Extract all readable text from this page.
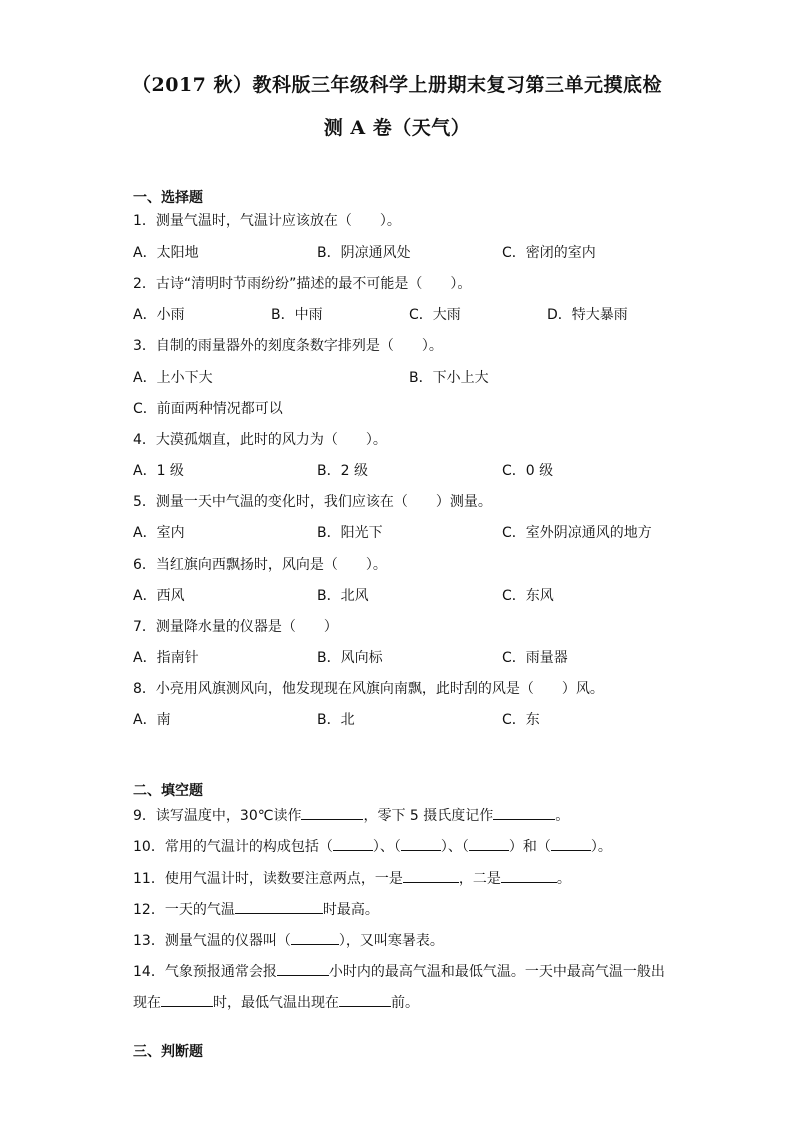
（2017 秋）教科版三年级科学上册期末复习第三单元摸底检
测 A 卷（天气）
一、选择题
1．测量气温时，气温计应该放在（　　）。
A．太阳地	B．阴凉通风处	C．密闭的室内
2．古诗“清明时节雨纷纷”描述的最不可能是（　　）。
A．小雨	B．中雨	C．大雨	D．特大暴雨
3．自制的雨量器外的刻度条数字排列是（　　）。
A．上小下大	B．下小上大
C．前面两种情况都可以
4．大漠孤烟直，此时的风力为（　　）。
A．1 级	B．2 级	C．0 级
5．测量一天中气温的变化时，我们应该在（　　）测量。
A．室内	B．阳光下	C．室外阴凉通风的地方
6．当红旗向西飘扬时，风向是（　　）。
A．西风	B．北风	C．东风
7．测量降水量的仪器是（　　）
A．指南针	B．风向标	C．雨量器
8．小亮用风旗测风向，他发现现在风旗向南飘，此时刮的风是（　　）风。
A．南	B．北	C．东
二、填空题
9．读写温度中，30℃读作	，零下 5 摄氏度记作	。
10．常用的气温计的构成包括（	）、（	）、（	）和（	）。
11．使用气温计时，读数要注意两点，一是	，二是	。
12．一天的气温	时最高。
13．测量气温的仪器叫（	），又叫寒暑表。
14．气象预报通常会报	小时内的最高气温和最低气温。一天中最高气温一般出
现在	时，最低气温出现在	前。
三、判断题
